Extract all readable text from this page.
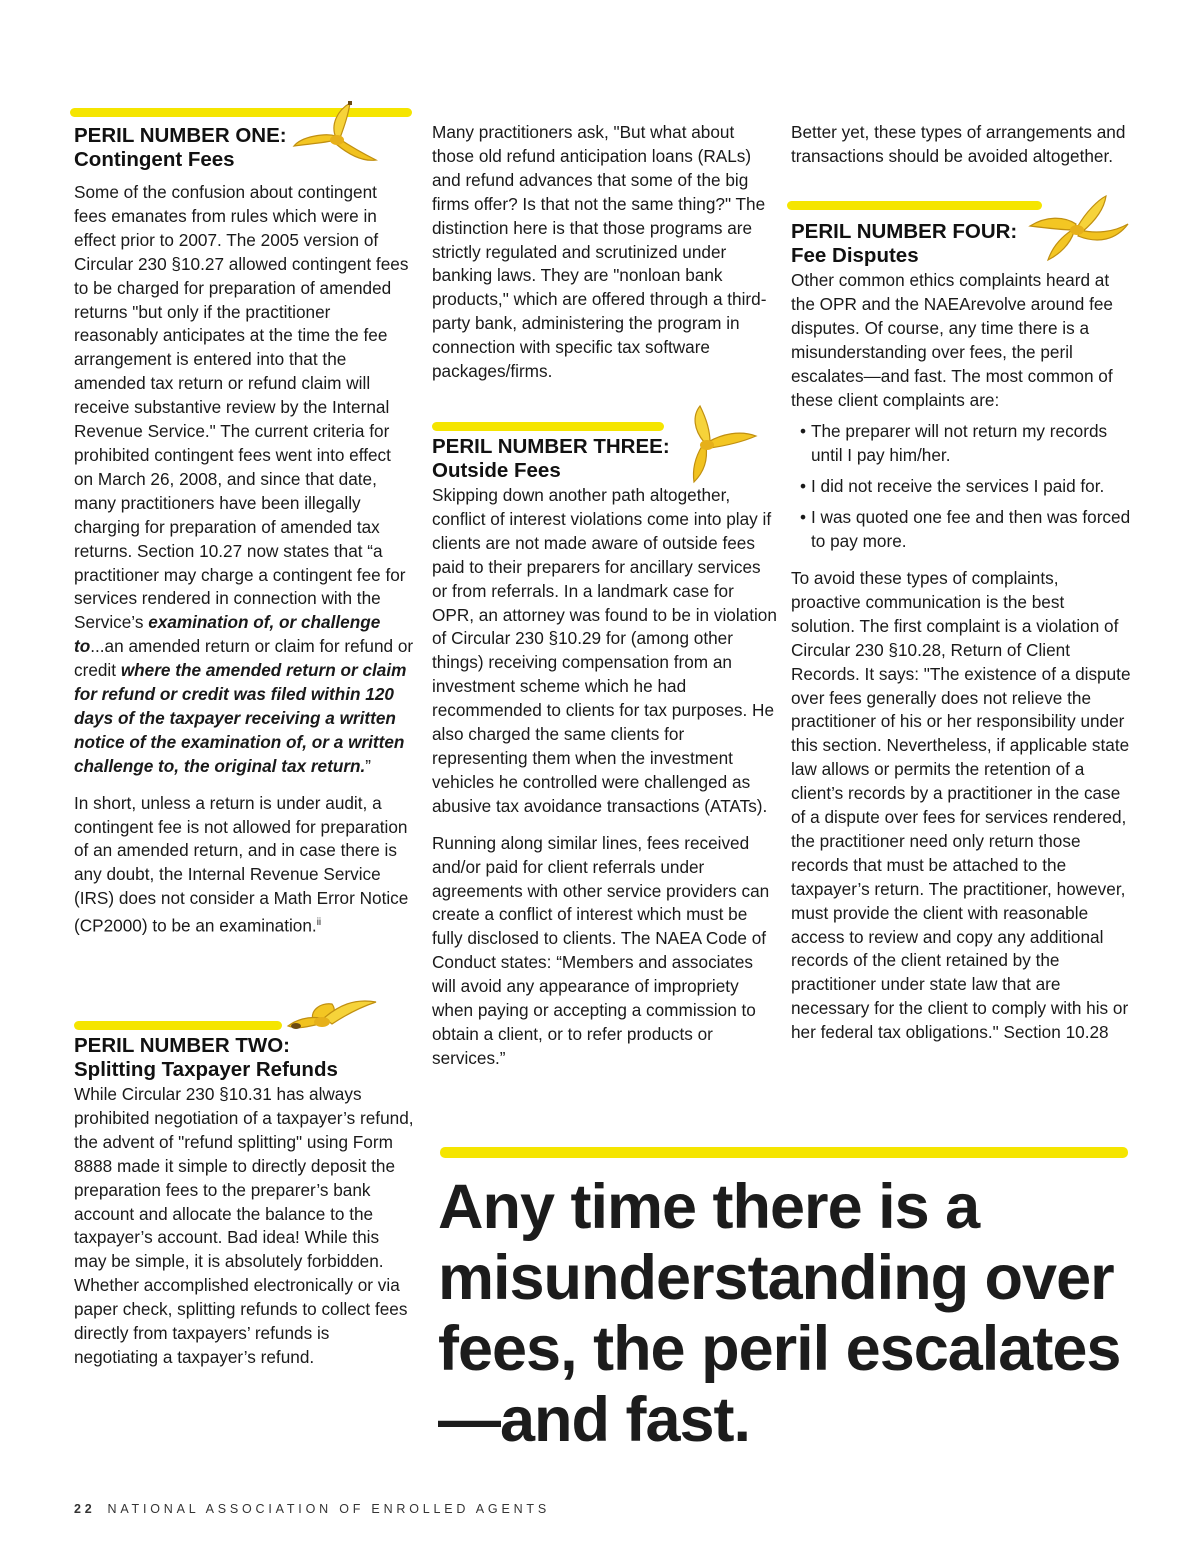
PERIL NUMBER ONE:
Contingent Fees

Some of the confusion about contingent fees emanates from rules which were in effect prior to 2007. The 2005 version of Circular 230 §10.27 allowed contingent fees to be charged for preparation of amended returns "but only if the practitioner reasonably anticipates at the time the fee arrangement is entered into that the amended tax return or refund claim will receive substantive review by the Internal Revenue Service." The current criteria for prohibited contingent fees went into effect on March 26, 2008, and since that date, many practitioners have been illegally charging for preparation of amended tax returns. Section 10.27 now states that “a practitioner may charge a contingent fee for services rendered in connection with the Service’s examination of, or challenge to...an amended return or claim for refund or credit where the amended return or claim for refund or credit was filed within 120 days of the taxpayer receiving a written notice of the examination of, or a written challenge to, the original tax return.”

In short, unless a return is under audit, a contingent fee is not allowed for preparation of an amended return, and in case there is any doubt, the Internal Revenue Service (IRS) does not consider a Math Error Notice (CP2000) to be an examination.$^{ii}$

PERIL NUMBER TWO:
Splitting Taxpayer Refunds

While Circular 230 §10.31 has always prohibited negotiation of a taxpayer’s refund, the advent of "refund splitting" using Form 8888 made it simple to directly deposit the preparation fees to the preparer’s bank account and allocate the balance to the taxpayer’s account. Bad idea! While this may be simple, it is absolutely forbidden. Whether accomplished electronically or via paper check, splitting refunds to collect fees directly from taxpayers’ refunds is negotiating a taxpayer’s refund.

Many practitioners ask, "But what about those old refund anticipation loans (RALs) and refund advances that some of the big firms offer? Is that not the same thing?" The distinction here is that those programs are strictly regulated and scrutinized under banking laws. They are "nonloan bank products," which are offered through a third-party bank, administering the program in connection with specific tax software packages/firms.

PERIL NUMBER THREE:
Outside Fees

Skipping down another path altogether, conflict of interest violations come into play if clients are not made aware of outside fees paid to their preparers for ancillary services or from referrals. In a landmark case for OPR, an attorney was found to be in violation of Circular 230 §10.29 for (among other things) receiving compensation from an investment scheme which he had recommended to clients for tax purposes. He also charged the same clients for representing them when the investment vehicles he controlled were challenged as abusive tax avoidance transactions (ATATs).

Running along similar lines, fees received and/or paid for client referrals under agreements with other service providers can create a conflict of interest which must be fully disclosed to clients. The NAEA Code of Conduct states: “Members and associates will avoid any appearance of impropriety when paying or accepting a commission to obtain a client, or to refer products or services.”

Better yet, these types of arrangements and transactions should be avoided altogether.

PERIL NUMBER FOUR:
Fee Disputes

Other common ethics complaints heard at the OPR and the NAEArevolve around fee disputes. Of course, any time there is a misunderstanding over fees, the peril escalates—and fast. The most common of these client complaints are:

• The preparer will not return my records until I pay him/her.
• I did not receive the services I paid for.
• I was quoted one fee and then was forced to pay more.

To avoid these types of complaints, proactive communication is the best solution. The first complaint is a violation of Circular 230 §10.28, Return of Client Records. It says: "The existence of a dispute over fees generally does not relieve the practitioner of his or her responsibility under this section. Nevertheless, if applicable state law allows or permits the retention of a client’s records by a practitioner in the case of a dispute over fees for services rendered, the practitioner need only return those records that must be attached to the taxpayer’s return. The practitioner, however, must provide the client with reasonable access to review and copy any additional records of the client retained by the practitioner under state law that are necessary for the client to comply with his or her federal tax obligations." Section 10.28

Any time there is a misunderstanding over fees, the peril escalates—and fast.

22 NATIONAL ASSOCIATION OF ENROLLED AGENTS
